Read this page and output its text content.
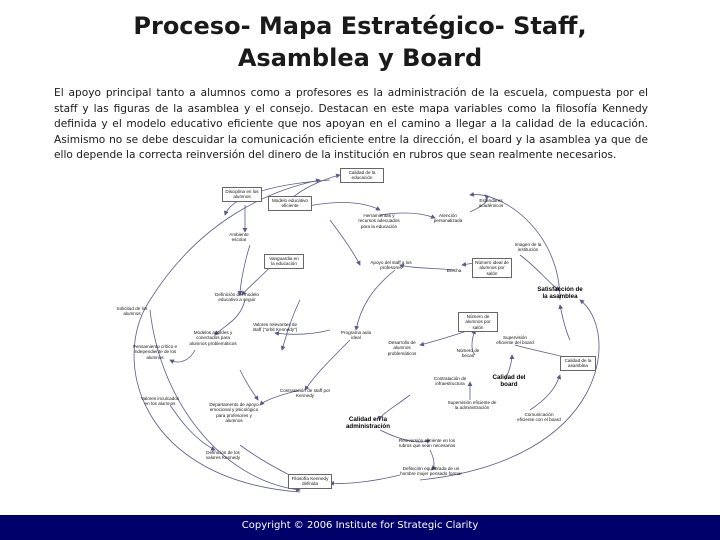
Proceso- Mapa Estratégico- Staff,
Asamblea y Board

El apoyo principal tanto a alumnos como a profesores es la administración de la escuela, compuesta por el staff y las figuras de la asamblea y el consejo. Destacan en este mapa variables como la filosofía Kennedy definida y el modelo educativo eficiente que nos apoyan en el camino a llegar a la calidad de la educación. Asimismo no se debe descuidar la comunicación eficiente entre la dirección, el board y la asamblea ya que de ello depende la correcta reinversión del dinero de la institución en rubros que sean realmente necesarios.

Calidad de la educación
Disciplina en los alumnos
Modelo educativo eficiente
Herramientas y recursos adecuados para la educación
Atención personalizada
Estándares académicos
Ambiente escolar
Vanguardia en la educación	Apoyo del staff a los profesores
Brecha
Número ideal de alumnos por salón
Imagen de la institución
Satisfacción de la asamblea
Definición del modelo educativo a seguir
Solicitud de los alumnos
Número de alumnos por salón
Valores relevantes de staff ("orbit Kennedy")
Modelos acordes y conectados para alumnos problemáticos
Programa aula ideal
Desarrollo de alumnos problemáticos
Número de becas
Supervisión eficiente del board
Calidad de la asamblea
Pensamiento crítico e independiente de los alumnos
Contratación de staff por Kennedy
Contratación de infraestructura
Calidad del board
Valores inculcados en los alumnos	Departamento de apoyo emocional y psicológico para profesores y alumnos
Supervisión eficiente de la administración
Comunicación eficiente con el board
Calidad en la administración
Reinversión eficiente en los rubros que sean necesarios
Definición de los valores Kennedy
Definición equilibrada de un hombre mujer pensado formar
Filosofía Kennedy definida
Copyright © 2006 Institute for Strategic Clarity
